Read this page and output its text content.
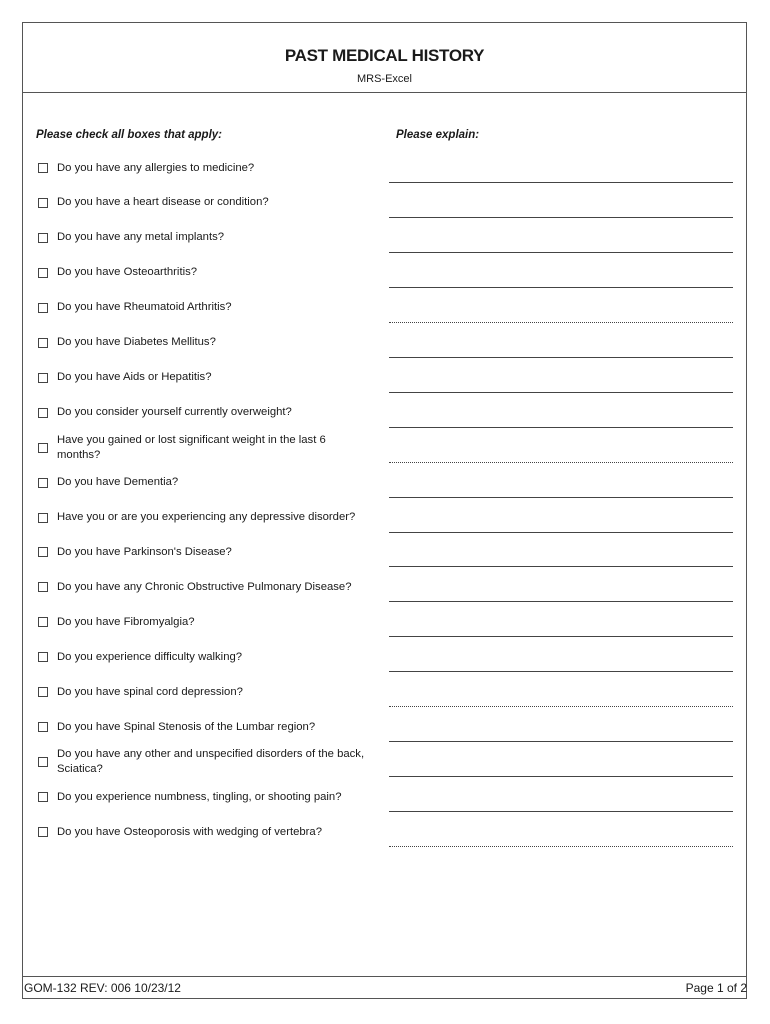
PAST MEDICAL HISTORY
MRS-Excel
Please check all boxes that apply:	Please explain:
Do you have any allergies to medicine?
Do you have a heart disease or condition?
Do you have any metal implants?
Do you have Osteoarthritis?
Do you have Rheumatoid Arthritis?
Do you have Diabetes Mellitus?
Do you have Aids or Hepatitis?
Do you consider yourself currently overweight?
Have you gained or lost significant weight in the last 6 months?
Do you have Dementia?
Have you or are you experiencing any depressive disorder?
Do you have Parkinson's Disease?
Do you have any Chronic Obstructive Pulmonary Disease?
Do you have Fibromyalgia?
Do you experience difficulty walking?
Do you have spinal cord depression?
Do you have Spinal Stenosis of the Lumbar region?
Do you have any other and unspecified disorders of the back, Sciatica?
Do you experience numbness, tingling, or shooting pain?
Do you have Osteoporosis with wedging of vertebra?
GOM-132 REV: 006 10/23/12	Page 1 of 2
